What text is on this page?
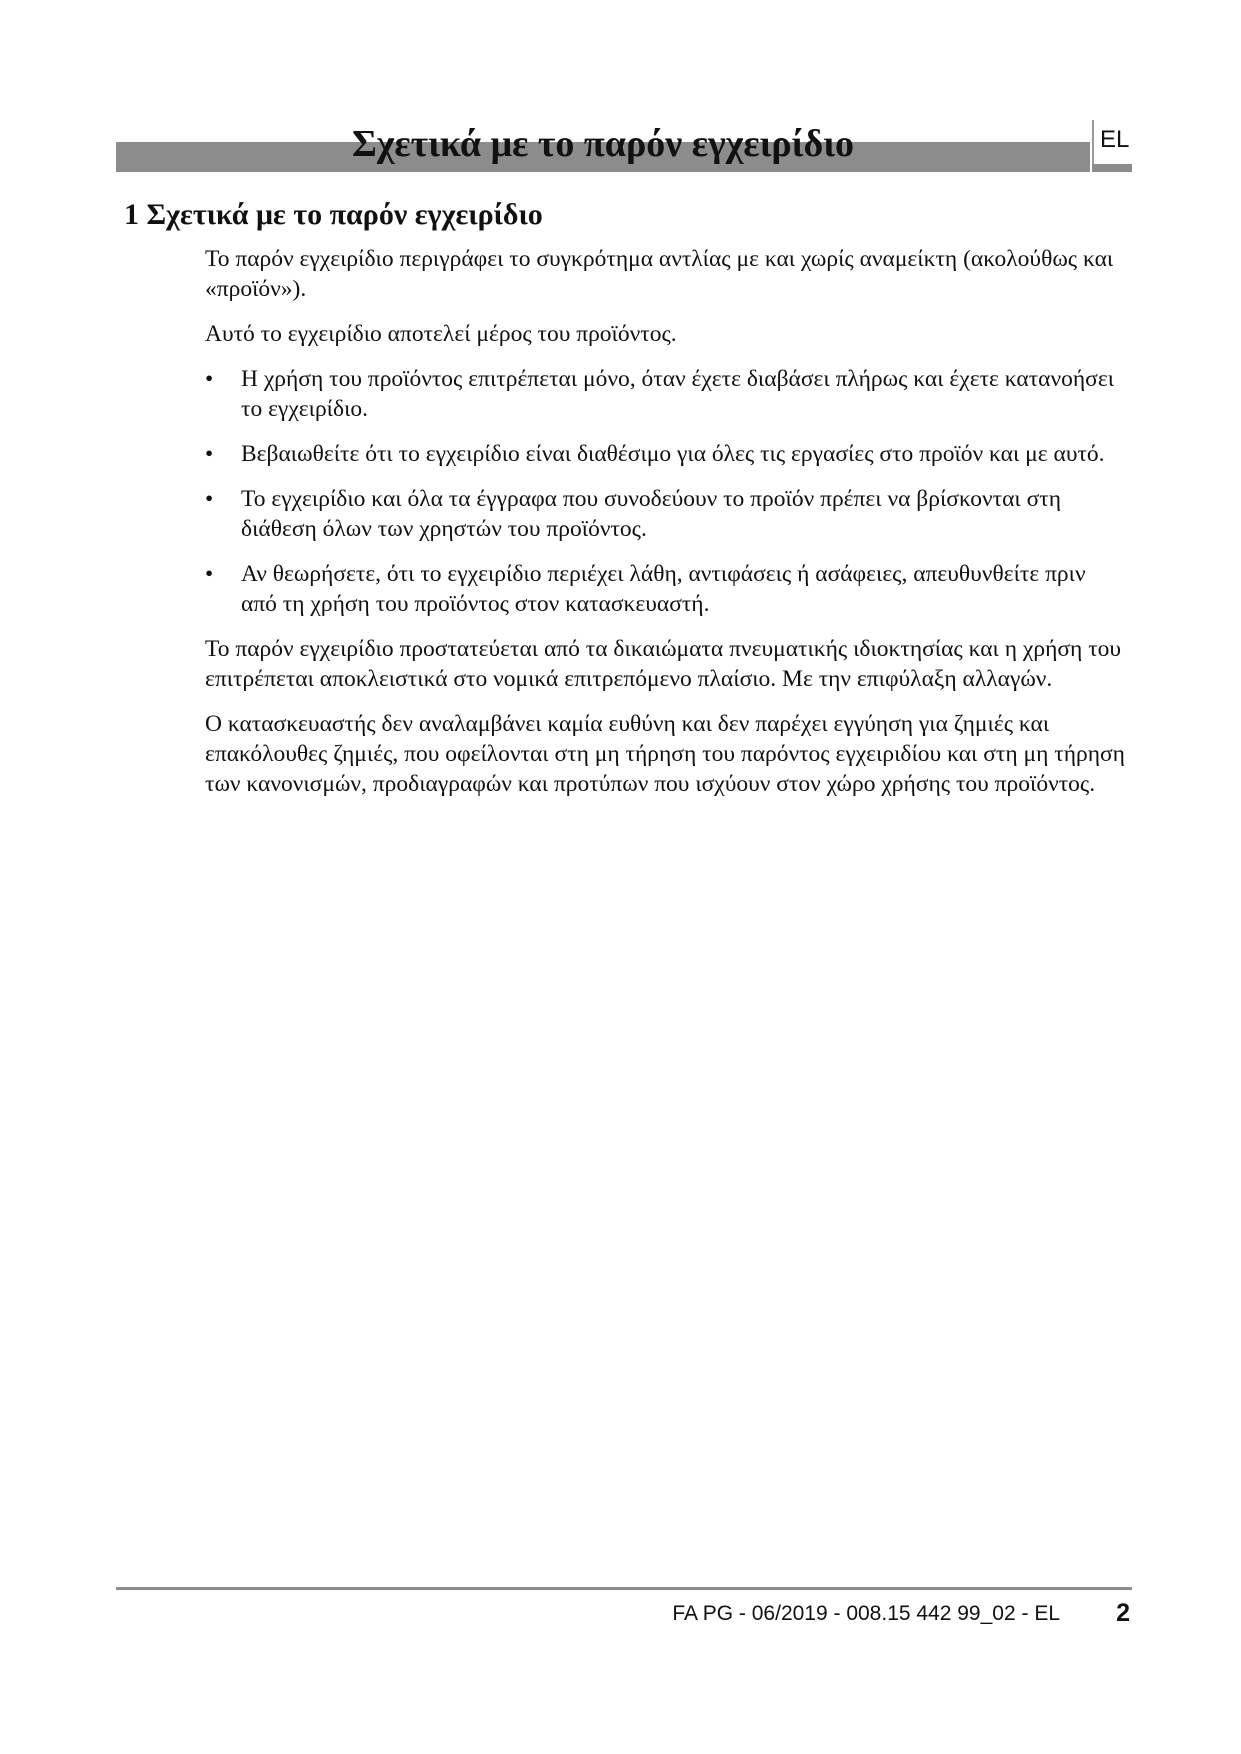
Σχετικά με το παρόν εγχειρίδιο	EL
1 Σχετικά με το παρόν εγχειρίδιο

Το παρόν εγχειρίδιο περιγράφει το συγκρότημα αντλίας με και χωρίς αναμείκτη (ακολούθως και «προϊόν»).

Αυτό το εγχειρίδιο αποτελεί μέρος του προϊόντος.

• Η χρήση του προϊόντος επιτρέπεται μόνο, όταν έχετε διαβάσει πλήρως και έχετε κατανοήσει το εγχειρίδιο.
• Βεβαιωθείτε ότι το εγχειρίδιο είναι διαθέσιμο για όλες τις εργασίες στο προϊόν και με αυτό.
• Το εγχειρίδιο και όλα τα έγγραφα που συνοδεύουν το προϊόν πρέπει να βρίσκονται στη διάθεση όλων των χρηστών του προϊόντος.
• Αν θεωρήσετε, ότι το εγχειρίδιο περιέχει λάθη, αντιφάσεις ή ασάφειες, απευθυνθείτε πριν από τη χρήση του προϊόντος στον κατασκευαστή.

Το παρόν εγχειρίδιο προστατεύεται από τα δικαιώματα πνευματικής ιδιοκτησίας και η χρήση του επιτρέπεται αποκλειστικά στο νομικά επιτρεπόμενο πλαίσιο. Με την επιφύλαξη αλλαγών.

Ο κατασκευαστής δεν αναλαμβάνει καμία ευθύνη και δεν παρέχει εγγύηση για ζημιές και επακόλουθες ζημιές, που οφείλονται στη μη τήρηση του παρόντος εγχειριδίου και στη μη τήρηση των κανονισμών, προδιαγραφών και προτύπων που ισχύουν στον χώρο χρήσης του προϊόντος.

FA PG - 06/2019 - 008.15 442 99_02 - EL	2
